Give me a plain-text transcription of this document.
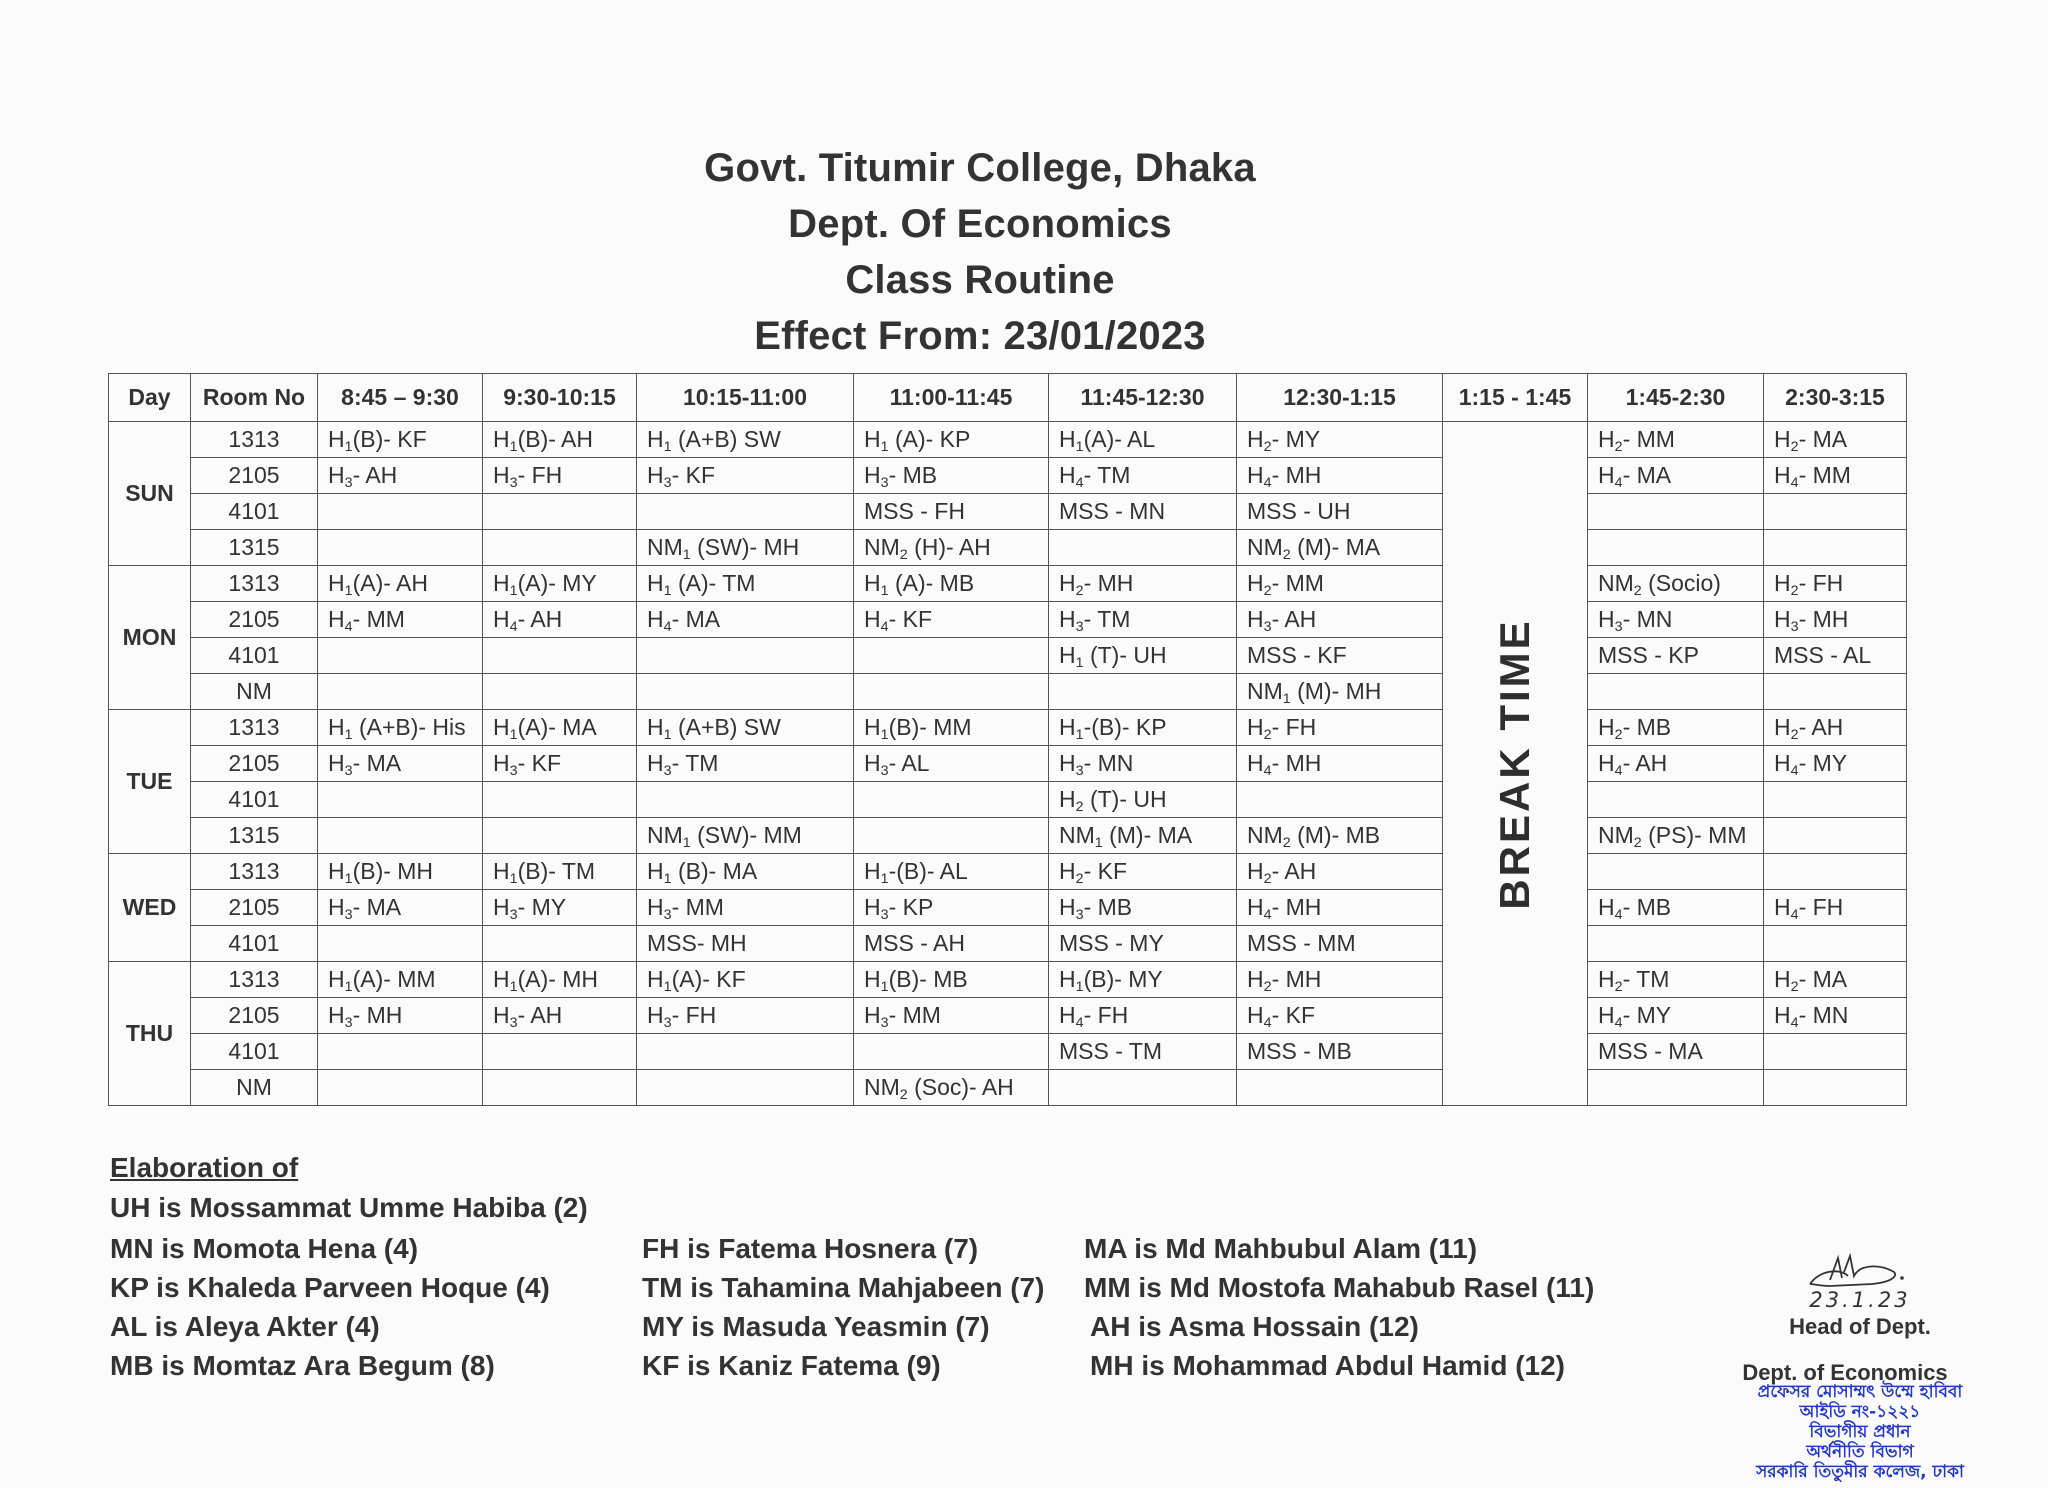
Govt. Titumir College, Dhaka
Dept. Of Economics
Class Routine
Effect From: 23/01/2023
Day	Room No	8:45 – 9:30	9:30-10:15	10:15-11:00	11:00-11:45	11:45-12:30	12:30-1:15	1:15 - 1:45	1:45-2:30	2:30-3:15
SUN	1313	$H_1(B)-$ KF	$H_1(B)-$ AH	$H_1$ (A+B) SW	$H_1$ (A)- KP	$H_1(A)-$ AL	$H_2-$ MY	BREAK TIME	$H_2-$ MM	$H_2-$ MA
	2105	$H_3-$ AH	$H_3-$ FH	$H_3-$ KF	$H_3-$ MB	$H_4-$ TM	$H_4-$ MH		$H_4-$ MA	$H_4-$ MM
	4101				MSS - FH	MSS - MN	MSS - UH			
	1315			$NM_1$ (SW)- MH	$NM_2$ (H)- AH		$NM_2$ (M)- MA			
MON	1313	$H_1(A)-$ AH	$H_1(A)-$ MY	$H_1$ (A)- TM	$H_1$ (A)- MB	$H_2-$ MH	$H_2-$ MM		$NM_2$ (Socio)	$H_2-$ FH
	2105	$H_4-$ MM	$H_4-$ AH	$H_4-$ MA	$H_4-$ KF	$H_3-$ TM	$H_3-$ AH		$H_3-$ MN	$H_3-$ MH
	4101					$H_1$ (T)- UH	MSS - KF		MSS - KP	MSS - AL
	NM						$NM_1$ (M)- MH			
TUE	1313	$H_1$ (A+B)- His	$H_1(A)-$ MA	$H_1$ (A+B) SW	$H_1(B)-$ MM	$H_1-(B)-$ KP	$H_2-$ FH		$H_2-$ MB	$H_2-$ AH
	2105	$H_3-$ MA	$H_3-$ KF	$H_3-$ TM	$H_3-$ AL	$H_3-$ MN	$H_4-$ MH		$H_4-$ AH	$H_4-$ MY
	4101					$H_2$ (T)- UH				
	1315			$NM_1$ (SW)- MM		$NM_1$ (M)- MA	$NM_2$ (M)- MB		$NM_2$ (PS)- MM	
WED	1313	$H_1(B)-$ MH	$H_1(B)-$ TM	$H_1$ (B)- MA	$H_1-(B)-$ AL	$H_2-$ KF	$H_2-$ AH			
	2105	$H_3-$ MA	$H_3-$ MY	$H_3-$ MM	$H_3-$ KP	$H_3-$ MB	$H_4-$ MH		$H_4-$ MB	$H_4-$ FH
	4101			MSS- MH	MSS - AH	MSS - MY	MSS - MM			
THU	1313	$H_1(A)-$ MM	$H_1(A)-$ MH	$H_1(A)-$ KF	$H_1(B)-$ MB	$H_1(B)-$ MY	$H_2-$ MH		$H_2-$ TM	$H_2-$ MA
	2105	$H_3-$ MH	$H_3-$ AH	$H_3-$ FH	$H_3-$ MM	$H_4-$ FH	$H_4-$ KF		$H_4-$ MY	$H_4-$ MN
	4101					MSS - TM	MSS - MB		MSS - MA	
	NM				$NM_2$ (Soc)- AH					
Elaboration of
UH is Mossammat Umme Habiba (2)
MN is Momota Hena (4)
KP is Khaleda Parveen Hoque (4)
AL is Aleya Akter (4)
MB is Momtaz Ara Begum (8)
FH is Fatema Hosnera (7)
TM is Tahamina Mahjabeen (7)
MY is Masuda Yeasmin (7)
KF is Kaniz Fatema (9)
MA is Md Mahbubul Alam (11)
MM is Md Mostofa Mahabub Rasel (11)
AH is Asma Hossain (12)
MH is Mohammad Abdul Hamid (12)
23.1.23
Head of Dept.
Dept. of Economics
প্রফেসর মোসাম্মৎ উম্মে হাবিবা
আইডি নং-১২২১
বিভাগীয় প্রধান
অর্থনীতি বিভাগ
সরকারি তিতুমীর কলেজ, ঢাকা
